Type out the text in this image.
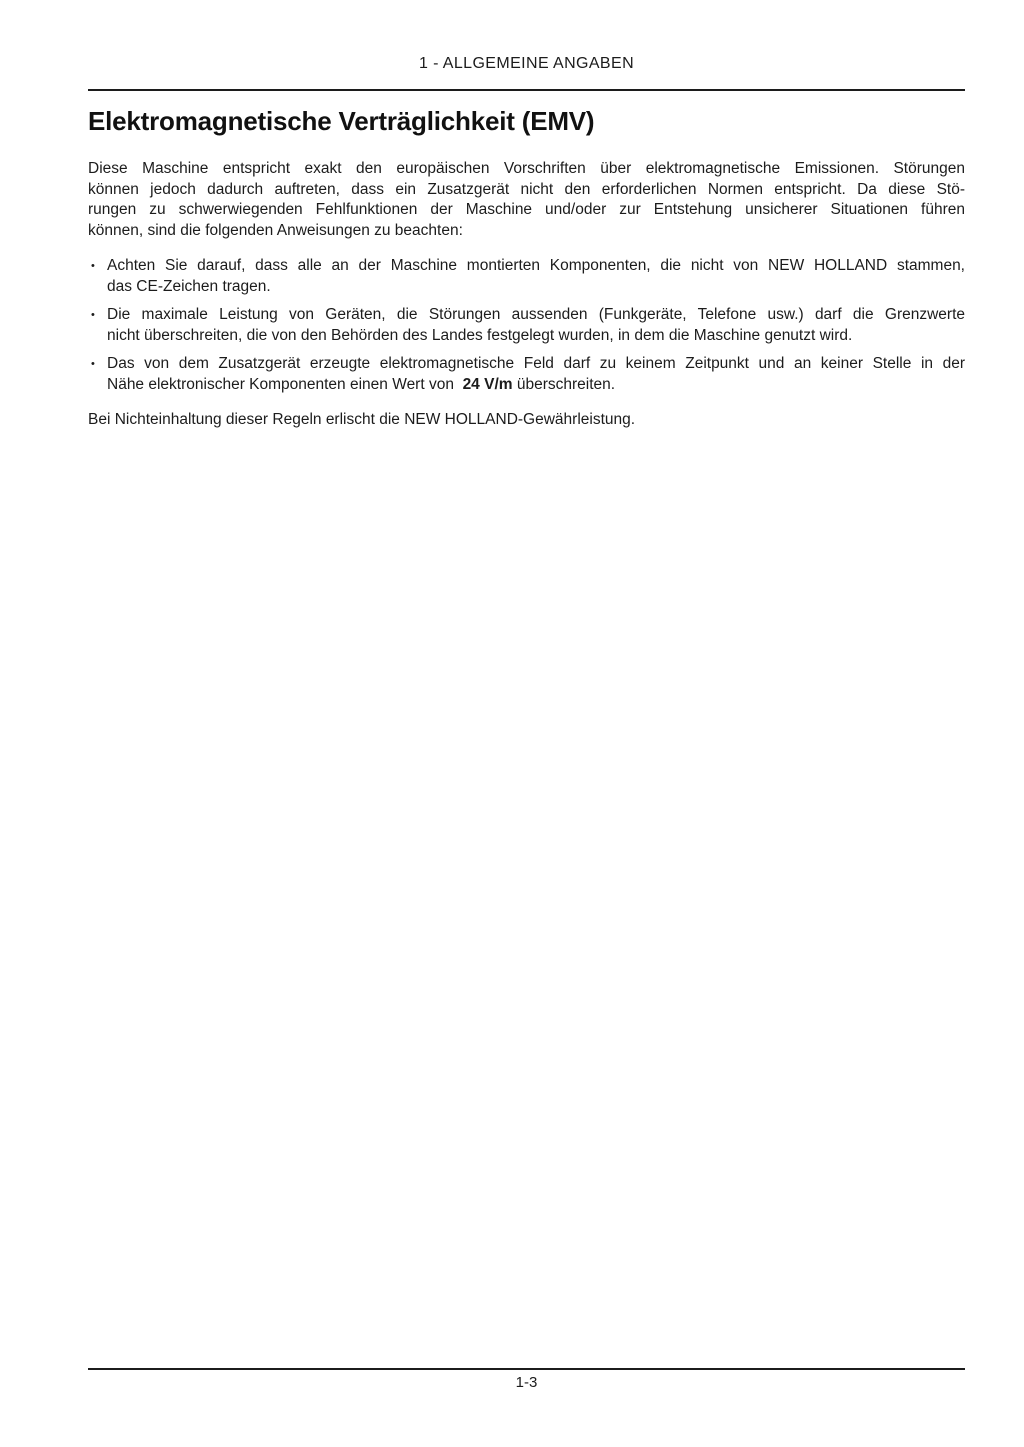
1 - ALLGEMEINE ANGABEN
Elektromagnetische Verträglichkeit (EMV)
Diese Maschine entspricht exakt den europäischen Vorschriften über elektromagnetische Emissionen. Störungen
können jedoch dadurch auftreten, dass ein Zusatzgerät nicht den erforderlichen Normen entspricht. Da diese Stö-
rungen zu schwerwiegenden Fehlfunktionen der Maschine und/oder zur Entstehung unsicherer Situationen führen
können, sind die folgenden Anweisungen zu beachten:
• Achten Sie darauf, dass alle an der Maschine montierten Komponenten, die nicht von NEW HOLLAND stammen,
das CE-Zeichen tragen.
• Die maximale Leistung von Geräten, die Störungen aussenden (Funkgeräte, Telefone usw.) darf die Grenzwerte
nicht überschreiten, die von den Behörden des Landes festgelegt wurden, in dem die Maschine genutzt wird.
• Das von dem Zusatzgerät erzeugte elektromagnetische Feld darf zu keinem Zeitpunkt und an keiner Stelle in der
Nähe elektronischer Komponenten einen Wert von  24 V/m überschreiten.
Bei Nichteinhaltung dieser Regeln erlischt die NEW HOLLAND-Gewährleistung.
1-3
